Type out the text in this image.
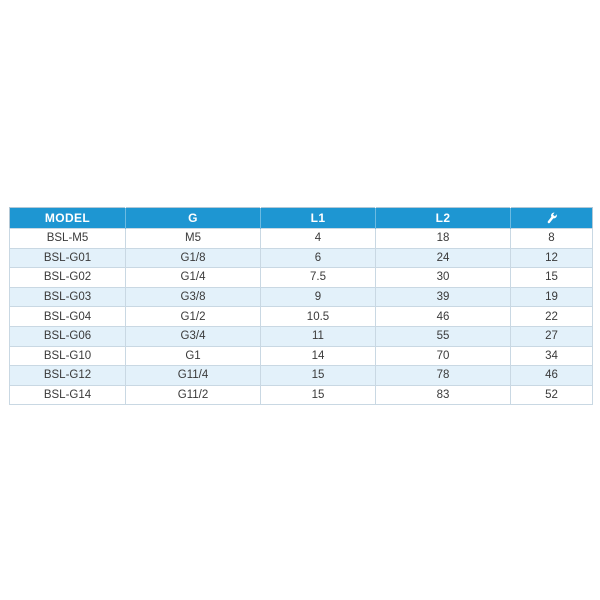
MODEL	G	L1	L2	

BSL-M5	M5	4	18	8
BSL-G01	G1/8	6	24	12
BSL-G02	G1/4	7.5	30	15
BSL-G03	G3/8	9	39	19
BSL-G04	G1/2	10.5	46	22
BSL-G06	G3/4	11	55	27
BSL-G10	G1	14	70	34
BSL-G12	G11/4	15	78	46
BSL-G14	G11/2	15	83	52
